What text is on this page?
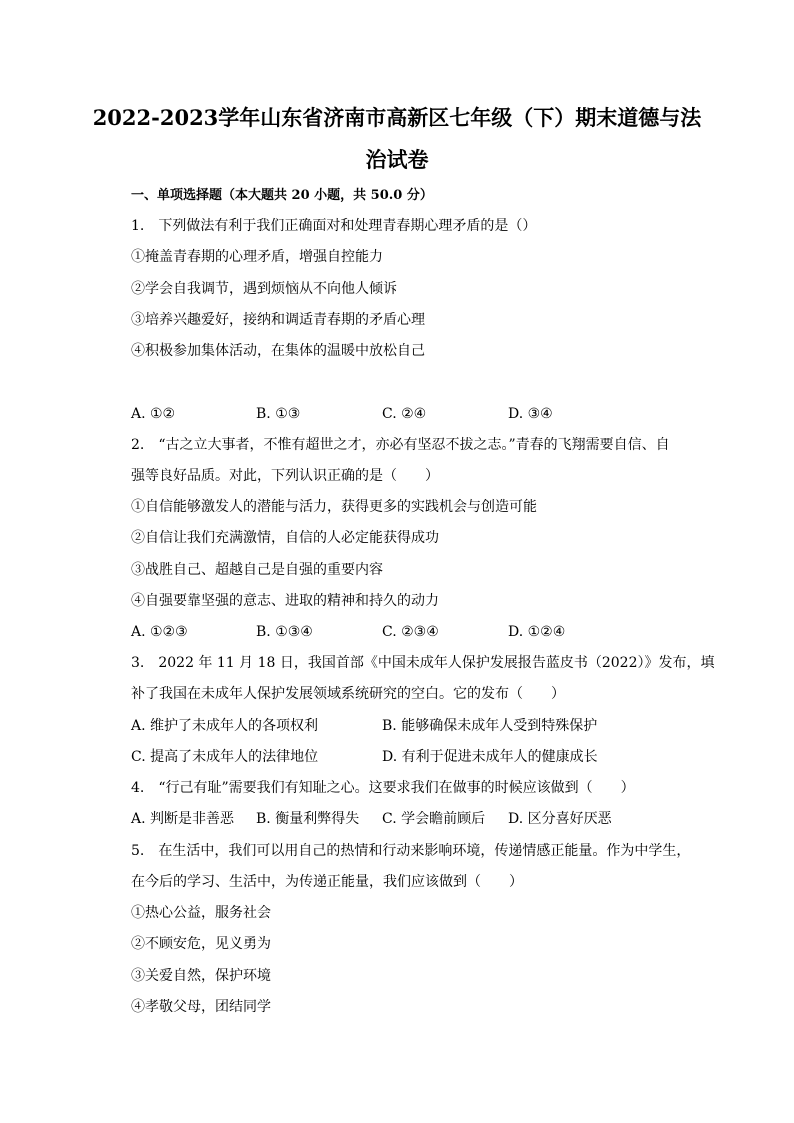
2022-2023学年山东省济南市高新区七年级（下）期末道德与法
治试卷
一、单项选择题（本大题共 20 小题，共 50.0 分）
1.　下列做法有利于我们正确面对和处理青春期心理矛盾的是（）
①掩盖青春期的心理矛盾，增强自控能力
②学会自我调节，遇到烦恼从不向他人倾诉
③培养兴趣爱好，接纳和调适青春期的矛盾心理
④积极参加集体活动，在集体的温暖中放松自己
A. ①②	B. ①③	C. ②④	D. ③④
2.　“古之立大事者，不惟有超世之才，亦必有坚忍不拔之志。”青春的飞翔需要自信、自
强等良好品质。对此，下列认识正确的是（　　）
①自信能够激发人的潜能与活力，获得更多的实践机会与创造可能
②自信让我们充满激情，自信的人必定能获得成功
③战胜自己、超越自己是自强的重要内容
④自强要靠坚强的意志、进取的精神和持久的动力
A. ①②③	B. ①③④	C. ②③④	D. ①②④
3.　2022 年 11 月 18 日，我国首部《中国未成年人保护发展报告蓝皮书（2022）》发布，填
补了我国在未成年人保护发展领域系统研究的空白。它的发布（　　）
A. 维护了未成年人的各项权利	B. 能够确保未成年人受到特殊保护
C. 提高了未成年人的法律地位	D. 有利于促进未成年人的健康成长
4.　“行己有耻”需要我们有知耻之心。这要求我们在做事的时候应该做到（　　）
A. 判断是非善恶 B. 衡量利弊得失 C. 学会瞻前顾后 D. 区分喜好厌恶
5.　在生活中，我们可以用自己的热情和行动来影响环境，传递情感正能量。作为中学生，
在今后的学习、生活中，为传递正能量，我们应该做到（　　）
①热心公益，服务社会
②不顾安危，见义勇为
③关爱自然，保护环境
④孝敬父母，团结同学
